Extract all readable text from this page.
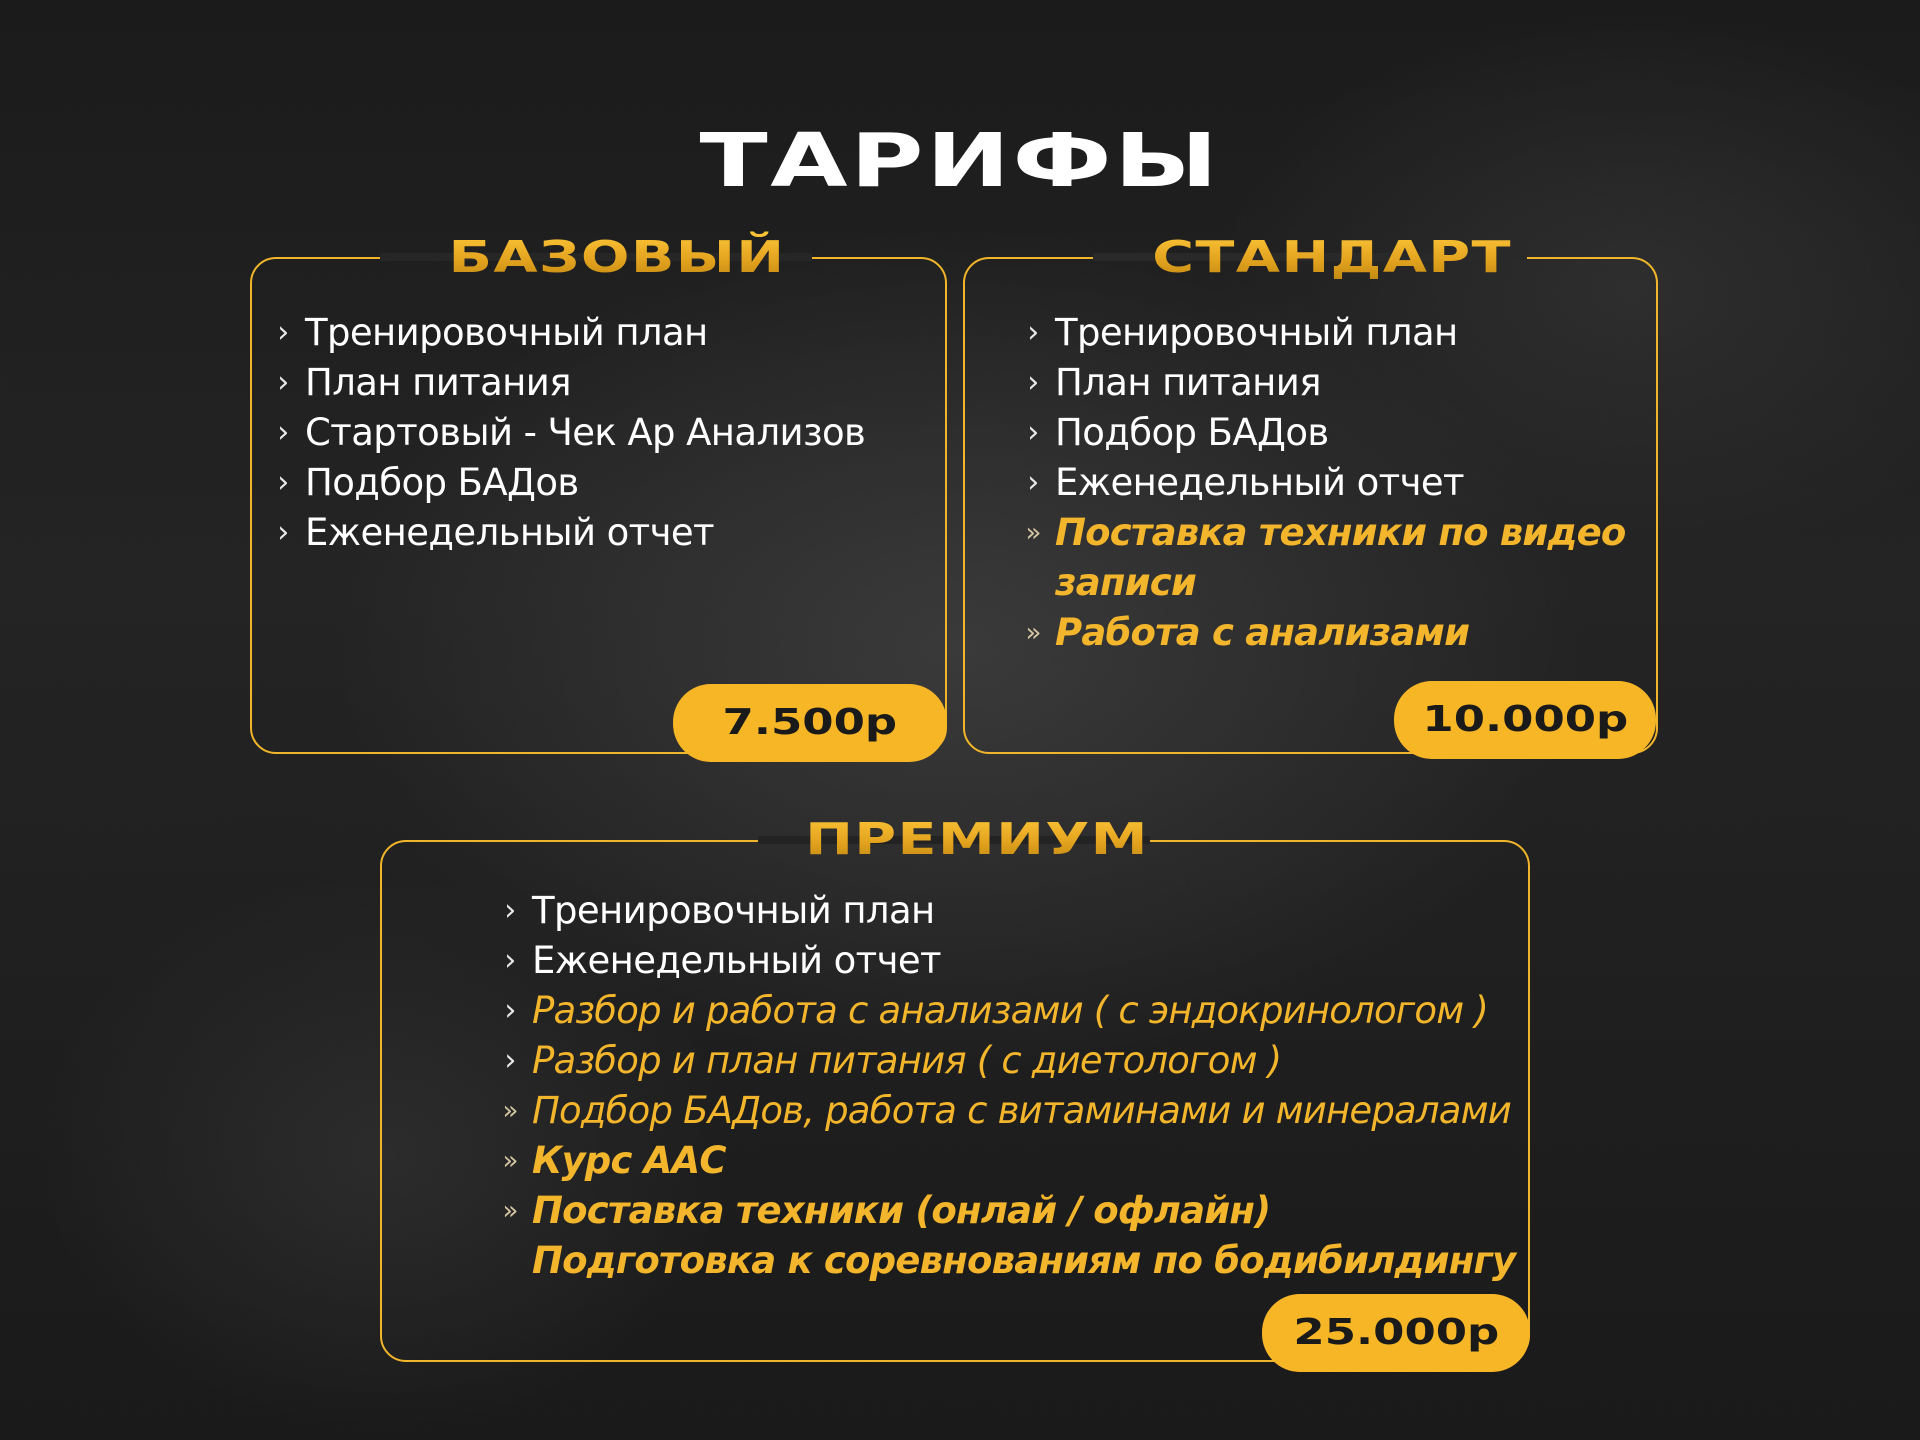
ТАРИФЫ
БАЗОВЫЙ
› Тренировочный план
› План питания
› Стартовый - Чек Ар Анализов
› Подбор БАДов
› Еженедельный отчет
7.500р
СТАНДАРТ
› Тренировочный план
› План питания
› Подбор БАДов
› Еженедельный отчет
» Поставка техники по видео
записи
» Работа с анализами
10.000р
ПРЕМИУМ
› Тренировочный план
› Еженедельный отчет
› Разбор и работа с анализами ( с эндокринологом )
› Разбор и план питания ( с диетологом )
» Подбор БАДов, работа с витаминами и минералами
» Курс ААС
» Поставка техники (онлай / офлайн)
Подготовка к соревнованиям по бодибилдингу
25.000р
